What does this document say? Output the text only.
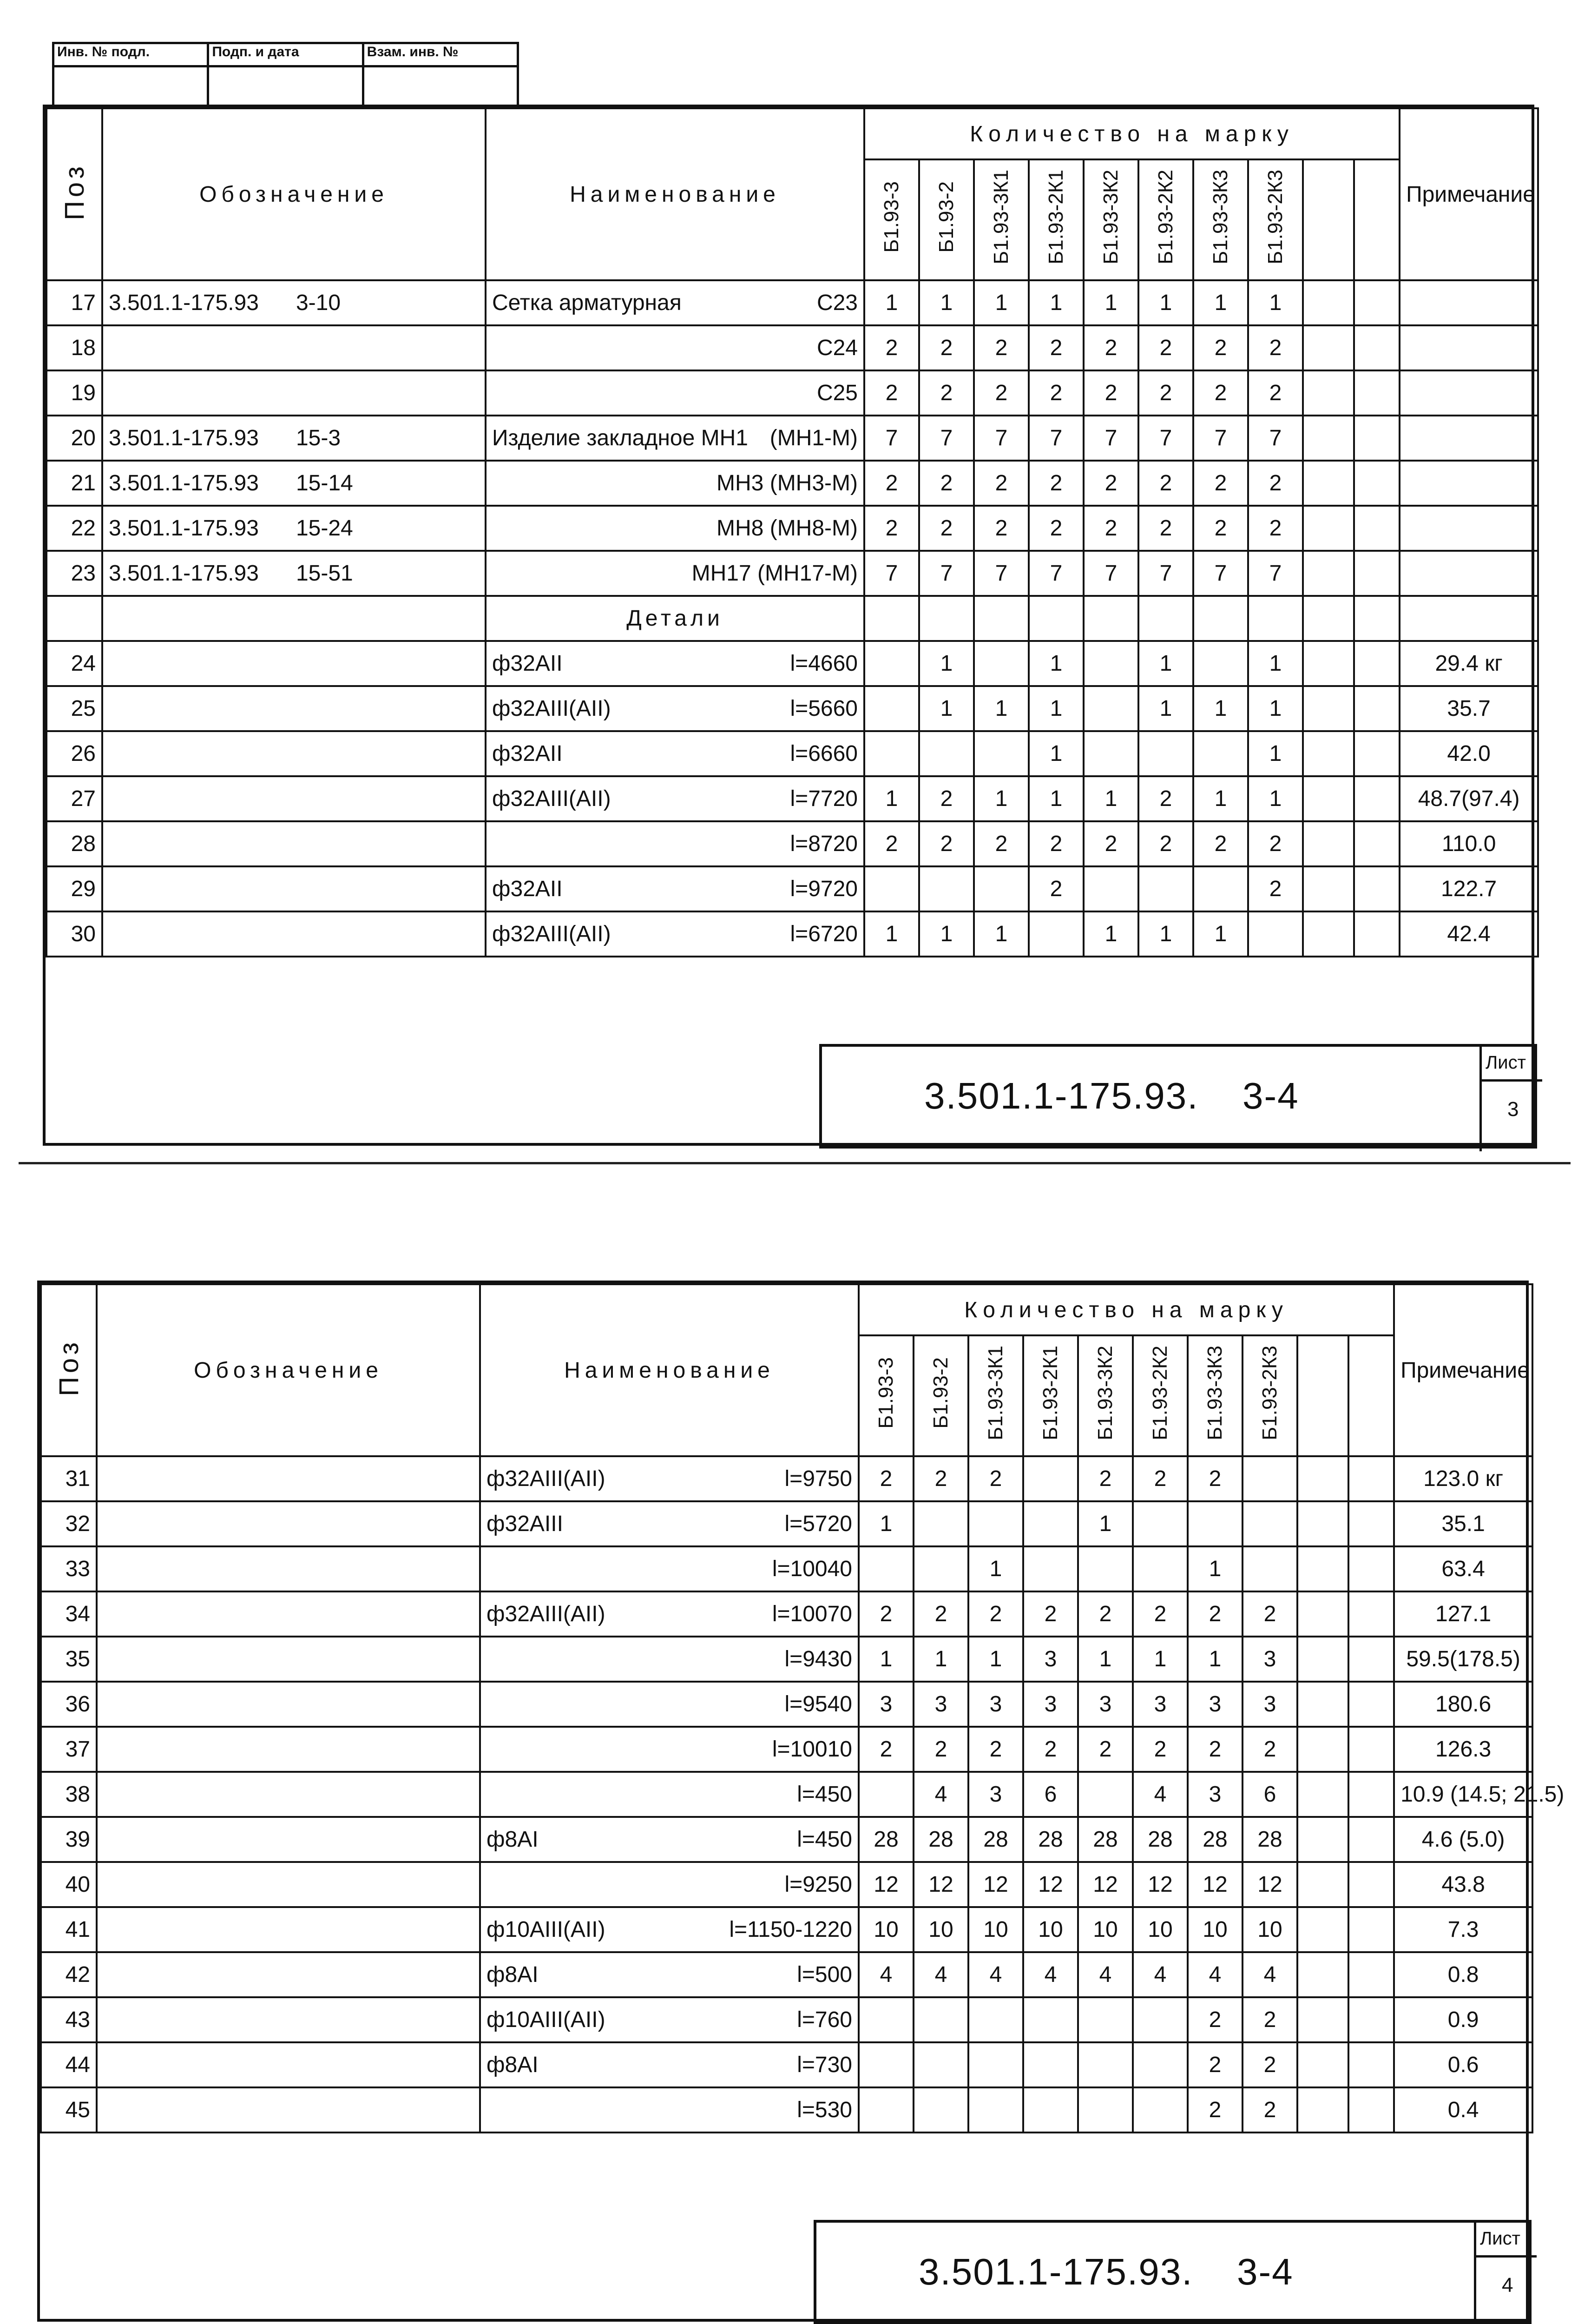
Инв. № подл.	Подп. и дата	Взам. инв. №

Поз	Обозначение	Наименование	Количество на марку										Примечание
			Б1.93-3	Б1.93-2	Б1.93-3К1	Б1.93-2К1	Б1.93-3К2	Б1.93-2К2	Б1.93-3К3	Б1.93-2К3			
17	3.501.1-175.93 3-10	Сетка арматурная С23	1	1	1	1	1	1	1	1			
18		С24	2	2	2	2	2	2	2	2			
19		С25	2	2	2	2	2	2	2	2			
20	3.501.1-175.93 15-3	Изделие закладное МН1 (МН1-М)	7	7	7	7	7	7	7	7			
21	3.501.1-175.93 15-14	МН3 (МН3-М)	2	2	2	2	2	2	2	2			
22	3.501.1-175.93 15-24	МН8 (МН8-М)	2	2	2	2	2	2	2	2			
23	3.501.1-175.93 15-51	МН17 (МН17-М)	7	7	7	7	7	7	7	7			
		Детали											
24		ф32АII l=4660		1		1		1		1			29.4 кг
25		ф32АIII(АII) l=5660		1	1	1		1	1	1			35.7
26		ф32АII l=6660				1				1			42.0
27		ф32АIII(АII) l=7720	1	2	1	1	1	2	1	1			48.7(97.4)
28		l=8720	2	2	2	2	2	2	2	2			110.0
29		ф32АII l=9720				2				2			122.7
30		ф32АIII(АII) l=6720	1	1	1		1	1	1				42.4
3.501.1-175.93. 3-4
Лист
3
Поз	Обозначение	Наименование	Количество на марку										Примечание
			Б1.93-3	Б1.93-2	Б1.93-3К1	Б1.93-2К1	Б1.93-3К2	Б1.93-2К2	Б1.93-3К3	Б1.93-2К3			
31		ф32АIII(АII) l=9750	2	2	2		2	2	2				123.0 кг
32		ф32АIII l=5720	1				1						35.1
33		l=10040			1				1				63.4
34		ф32АIII(АII) l=10070	2	2	2	2	2	2	2	2			127.1
35		l=9430	1	1	1	3	1	1	1	3			59.5(178.5)
36		l=9540	3	3	3	3	3	3	3	3			180.6
37		l=10010	2	2	2	2	2	2	2	2			126.3
38		l=450		4	3	6		4	3	6			10.9 (14.5; 21.5)
39		ф8АI l=450	28	28	28	28	28	28	28	28			4.6 (5.0)
40		l=9250	12	12	12	12	12	12	12	12			43.8
41		ф10АIII(АII) l=1150-1220	10	10	10	10	10	10	10	10			7.3
42		ф8АI l=500	4	4	4	4	4	4	4	4			0.8
43		ф10АIII(АII) l=760							2	2			0.9
44		ф8АI l=730							2	2			0.6
45		l=530							2	2			0.4
3.501.1-175.93. 3-4
Лист
4
